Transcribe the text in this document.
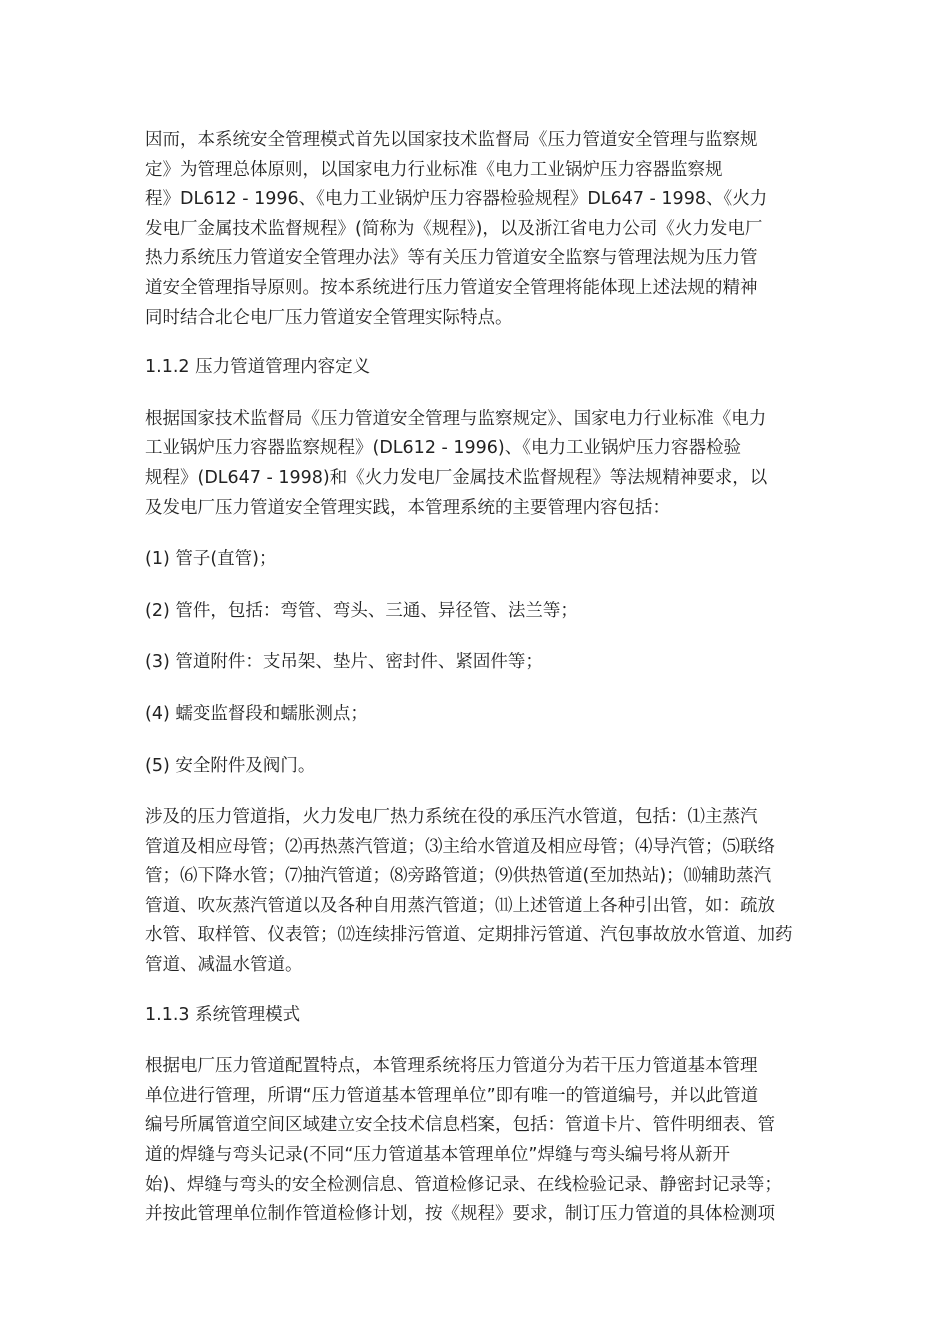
因而，本系统安全管理模式首先以国家技术监督局《压力管道安全管理与监察规
定》为管理总体原则，以国家电力行业标准《电力工业锅炉压力容器监察规
程》DL612 - 1996、《电力工业锅炉压力容器检验规程》DL647 - 1998、《火力
发电厂金属技术监督规程》(简称为《规程》)，以及浙江省电力公司《火力发电厂
热力系统压力管道安全管理办法》等有关压力管道安全监察与管理法规为压力管
道安全管理指导原则。按本系统进行压力管道安全管理将能体现上述法规的精神
同时结合北仑电厂压力管道安全管理实际特点。
1.1.2 压力管道管理内容定义
根据国家技术监督局《压力管道安全管理与监察规定》、国家电力行业标准《电力
工业锅炉压力容器监察规程》(DL612 - 1996)、《电力工业锅炉压力容器检验
规程》(DL647 - 1998)和《火力发电厂金属技术监督规程》等法规精神要求，以
及发电厂压力管道安全管理实践，本管理系统的主要管理内容包括：
(1) 管子(直管)；
(2) 管件，包括：弯管、弯头、三通、异径管、法兰等；
(3) 管道附件：支吊架、垫片、密封件、紧固件等；
(4) 蠕变监督段和蠕胀测点；
(5) 安全附件及阀门。
涉及的压力管道指，火力发电厂热力系统在役的承压汽水管道，包括：⑴主蒸汽
管道及相应母管；⑵再热蒸汽管道；⑶主给水管道及相应母管；⑷导汽管；⑸联络
管；⑹下降水管；⑺抽汽管道；⑻旁路管道；⑼供热管道(至加热站)；⑽辅助蒸汽
管道、吹灰蒸汽管道以及各种自用蒸汽管道；⑾上述管道上各种引出管，如：疏放
水管、取样管、仪表管；⑿连续排污管道、定期排污管道、汽包事故放水管道、加药
管道、减温水管道。
1.1.3 系统管理模式
根据电厂压力管道配置特点，本管理系统将压力管道分为若干压力管道基本管理
单位进行管理，所谓“压力管道基本管理单位”即有唯一的管道编号，并以此管道
编号所属管道空间区域建立安全技术信息档案，包括：管道卡片、管件明细表、管
道的焊缝与弯头记录(不同“压力管道基本管理单位”焊缝与弯头编号将从新开
始)、焊缝与弯头的安全检测信息、管道检修记录、在线检验记录、静密封记录等；
并按此管理单位制作管道检修计划，按《规程》要求，制订压力管道的具体检测项
